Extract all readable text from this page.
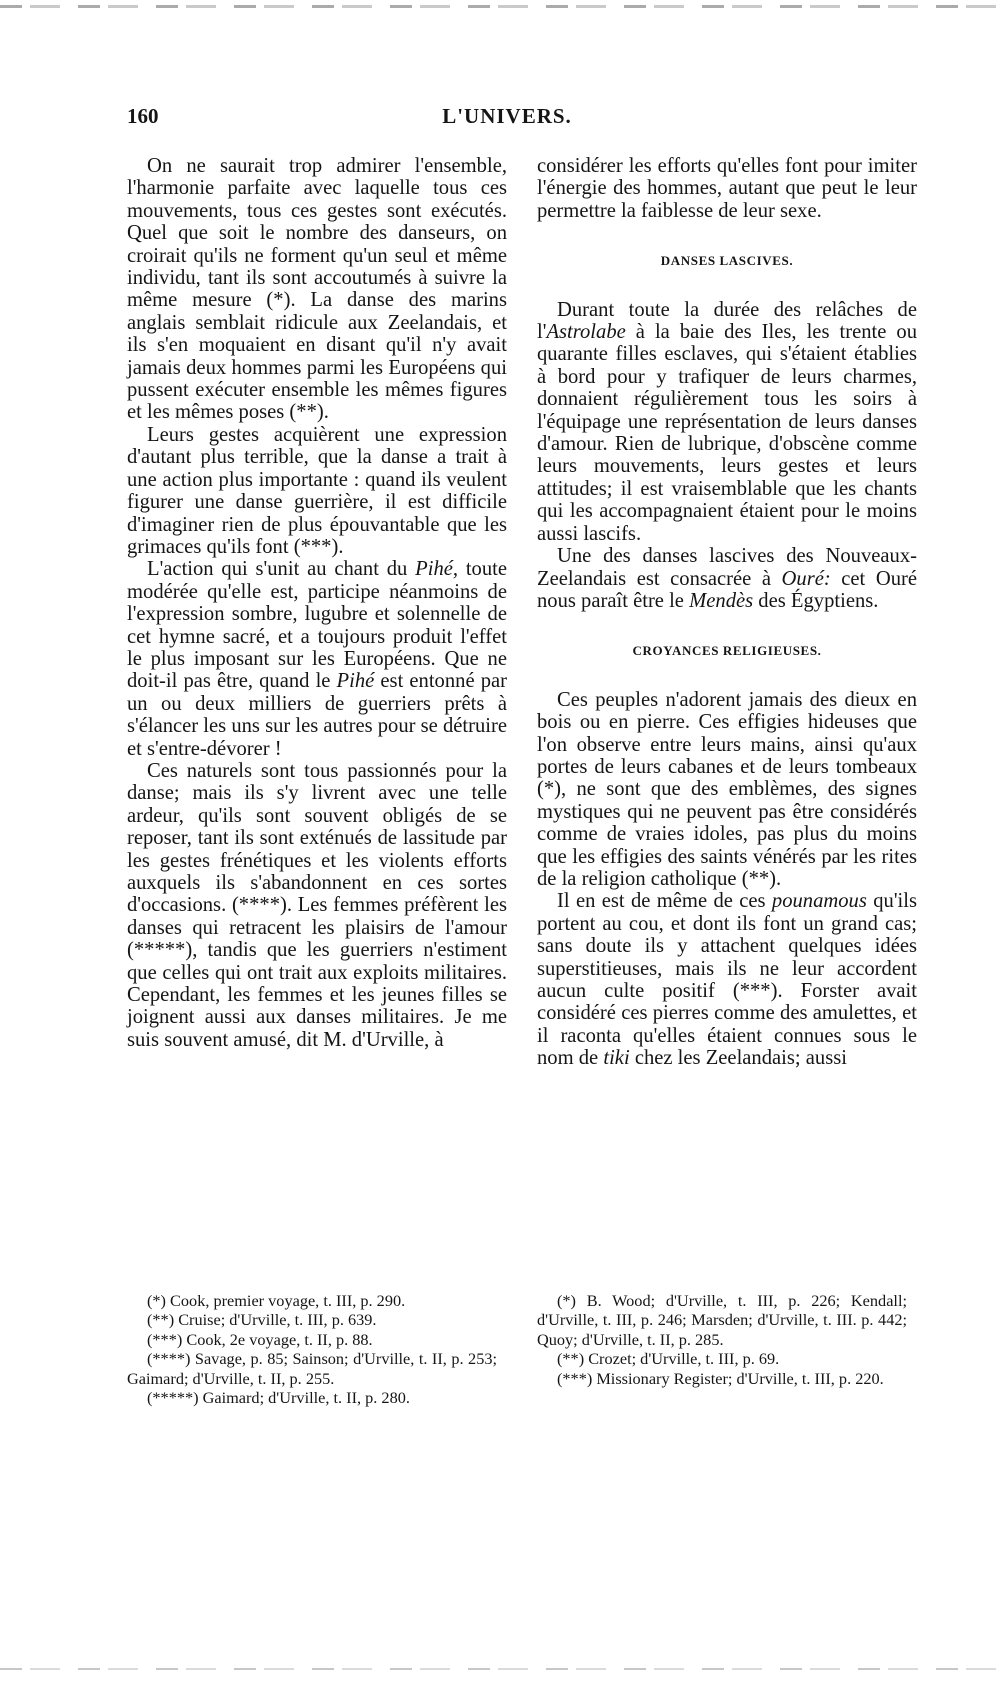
160	L'UNIVERS.

On ne saurait trop admirer l'ensemble, l'harmonie parfaite avec laquelle tous ces mouvements, tous ces gestes sont exécutés. Quel que soit le nombre des danseurs, on croirait qu'ils ne forment qu'un seul et même individu, tant ils sont accoutumés à suivre la même mesure (*). La danse des marins anglais semblait ridicule aux Zeelandais, et ils s'en moquaient en disant qu'il n'y avait jamais deux hommes parmi les Européens qui pussent exécuter ensemble les mêmes figures et les mêmes poses (**).

Leurs gestes acquièrent une expression d'autant plus terrible, que la danse a trait à une action plus importante : quand ils veulent figurer une danse guerrière, il est difficile d'imaginer rien de plus épouvantable que les grimaces qu'ils font (***).

L'action qui s'unit au chant du Pihé, toute modérée qu'elle est, participe néanmoins de l'expression sombre, lugubre et solennelle de cet hymne sacré, et a toujours produit l'effet le plus imposant sur les Européens. Que ne doit-il pas être, quand le Pihé est entonné par un ou deux milliers de guerriers prêts à s'élancer les uns sur les autres pour se détruire et s'entre-dévorer !

Ces naturels sont tous passionnés pour la danse; mais ils s'y livrent avec une telle ardeur, qu'ils sont souvent obligés de se reposer, tant ils sont exténués de lassitude par les gestes frénétiques et les violents efforts auxquels ils s'abandonnent en ces sortes d'occasions. (****). Les femmes préfèrent les danses qui retracent les plaisirs de l'amour (*****), tandis que les guerriers n'estiment que celles qui ont trait aux exploits militaires. Cependant, les femmes et les jeunes filles se joignent aussi aux danses militaires. Je me suis souvent amusé, dit M. d'Urville, à

considérer les efforts qu'elles font pour imiter l'énergie des hommes, autant que peut le leur permettre la faiblesse de leur sexe.

DANSES LASCIVES.

Durant toute la durée des relâches de l'Astrolabe à la baie des Iles, les trente ou quarante filles esclaves, qui s'étaient établies à bord pour y trafiquer de leurs charmes, donnaient régulièrement tous les soirs à l'équipage une représentation de leurs danses d'amour. Rien de lubrique, d'obscène comme leurs mouvements, leurs gestes et leurs attitudes; il est vraisemblable que les chants qui les accompagnaient étaient pour le moins aussi lascifs.

Une des danses lascives des Nouveaux-Zeelandais est consacrée à Ouré: cet Ouré nous paraît être le Mendès des Égyptiens.

CROYANCES RELIGIEUSES.

Ces peuples n'adorent jamais des dieux en bois ou en pierre. Ces effigies hideuses que l'on observe entre leurs mains, ainsi qu'aux portes de leurs cabanes et de leurs tombeaux (*), ne sont que des emblèmes, des signes mystiques qui ne peuvent pas être considérés comme de vraies idoles, pas plus du moins que les effigies des saints vénérés par les rites de la religion catholique (**).

Il en est de même de ces pounamous qu'ils portent au cou, et dont ils font un grand cas; sans doute ils y attachent quelques idées superstitieuses, mais ils ne leur accordent aucun culte positif (***). Forster avait considéré ces pierres comme des amulettes, et il raconta qu'elles étaient connues sous le nom de tiki chez les Zeelandais; aussi

(*) Cook, premier voyage, t. III, p. 290.

(**) Cruise; d'Urville, t. III, p. 639.

(***) Cook, 2e voyage, t. II, p. 88.

(****) Savage, p. 85; Sainson; d'Urville, t. II, p. 253; Gaimard; d'Urville, t. II, p. 255.

(*****) Gaimard; d'Urville, t. II, p. 280.

(*) B. Wood; d'Urville, t. III, p. 226; Kendall; d'Urville, t. III, p. 246; Marsden; d'Urville, t. III. p. 442; Quoy; d'Urville, t. II, p. 285.

(**) Crozet; d'Urville, t. III, p. 69.

(***) Missionary Register; d'Urville, t. III, p. 220.
